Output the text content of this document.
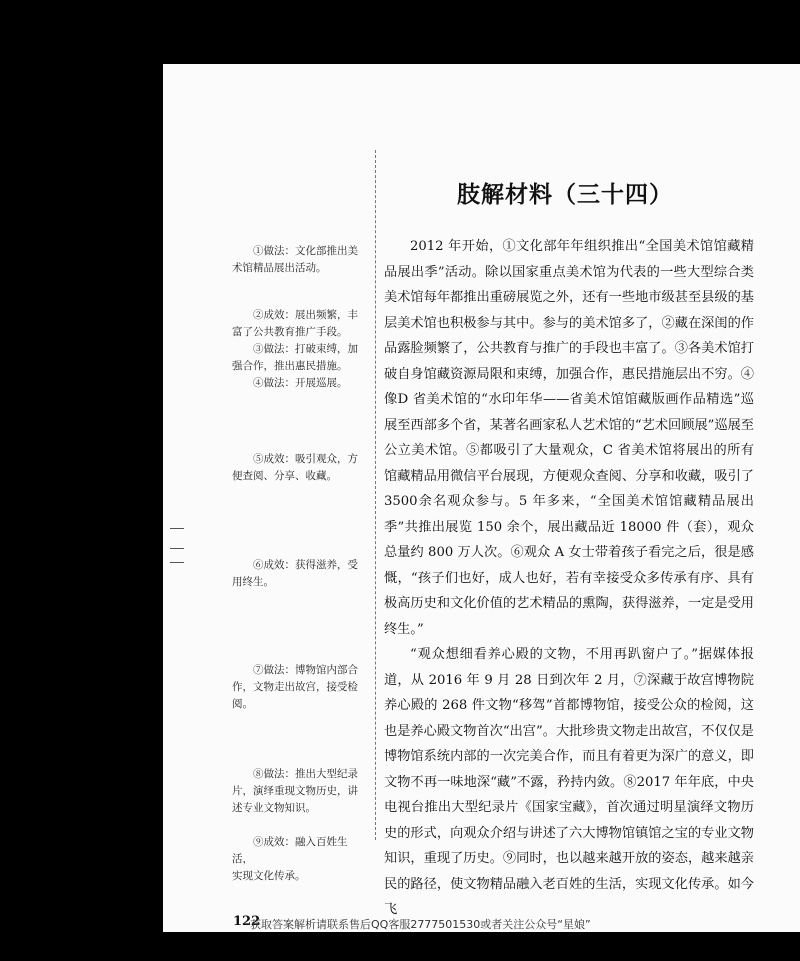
肢解材料（三十四）

2012 年开始，①文化部年年组织推出“全国美术馆馆藏精品展出季”活动。除以国家重点美术馆为代表的一些大型综合类美术馆每年都推出重磅展览之外，还有一些地市级甚至县级的基层美术馆也积极参与其中。参与的美术馆多了，②藏在深闺的作品露脸频繁了，公共教育与推广的手段也丰富了。③各美术馆打破自身馆藏资源局限和束缚，加强合作，惠民措施层出不穷。④像D 省美术馆的“水印年华——省美术馆馆藏版画作品精选”巡展至西部多个省，某著名画家私人艺术馆的“艺术回顾展”巡展至公立美术馆。⑤都吸引了大量观众，C 省美术馆将展出的所有馆藏精品用微信平台展现，方便观众查阅、分享和收藏，吸引了 3500余名观众参与。5 年多来，“全国美术馆馆藏精品展出季”共推出展览 150 余个，展出藏品近 18000 件（套），观众总量约 800 万人次。⑥观众 A 女士带着孩子看完之后，很是感慨，“孩子们也好，成人也好，若有幸接受众多传承有序、具有极高历史和文化价值的艺术精品的熏陶，获得滋养，一定是受用终生。”

“观众想细看养心殿的文物，不用再趴窗户了。”据媒体报道，从 2016 年 9 月 28 日到次年 2 月，⑦深藏于故宫博物院养心殿的 268 件文物“移驾”首都博物馆，接受公众的检阅，这也是养心殿文物首次“出宫”。大批珍贵文物走出故宫，不仅仅是博物馆系统内部的一次完美合作，而且有着更为深广的意义，即文物不再一味地深“藏”不露，矜持内敛。⑧2017 年年底，中央电视台推出大型纪录片《国家宝藏》，首次通过明星演绎文物历史的形式，向观众介绍与讲述了六大博物馆镇馆之宝的专业文物知识，重现了历史。⑨同时，也以越来越开放的姿态，越来越亲民的路径，使文物精品融入老百姓的生活，实现文化传承。如今飞

①做法：文化部推出美

术馆精品展出活动。

②成效：展出频繁，丰

富了公共教育推广手段。

③做法：打破束缚，加

强合作，推出惠民措施。

④做法：开展巡展。

⑤成效：吸引观众，方

便查阅、分享、收藏。

⑥成效：获得滋养，受

用终生。

⑦做法：博物馆内部合

作，文物走出故宫，接受检

阅。

⑧做法：推出大型纪录

片，演绎重现文物历史，讲

述专业文物知识。

⑨成效：融入百姓生活，

实现文化传承。

122
获取答案解析请联系售后QQ客服2777501530或者关注公众号“星娘”
